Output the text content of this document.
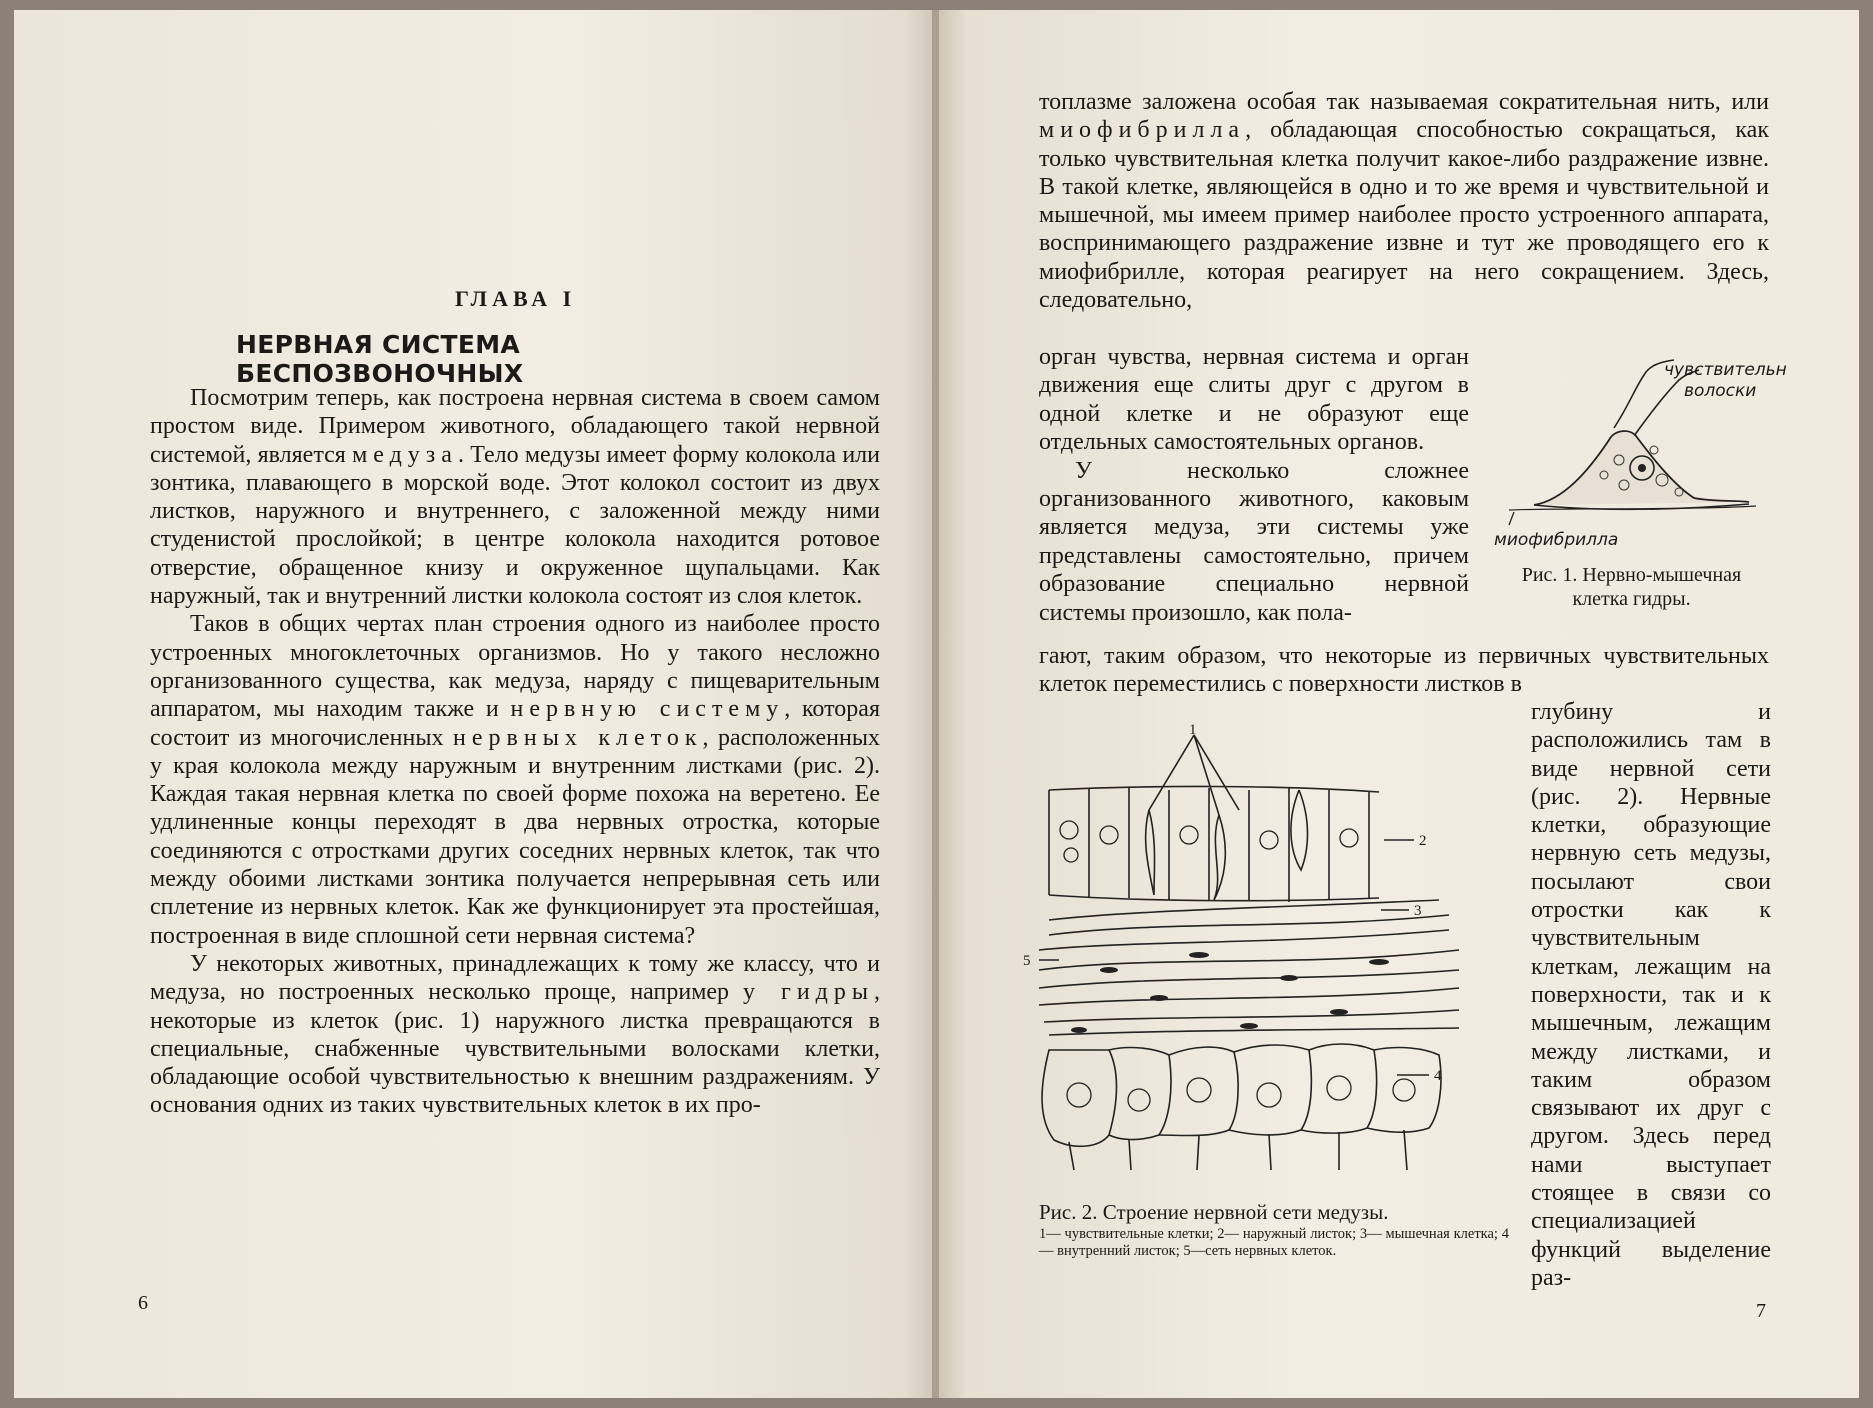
ГЛАВА I
НЕРВНАЯ СИСТЕМА БЕСПОЗВОНОЧНЫХ

Посмотрим теперь, как построена нервная система в своем самом простом виде. Примером животного, обладающего такой нервной системой, является медуза. Тело медузы имеет форму колокола или зонтика, плавающего в морской воде. Этот колокол состоит из двух листков, наружного и внутреннего, с заложенной между ними студенистой прослойкой; в центре колокола находится ротовое отверстие, обращенное книзу и окруженное щупальцами. Как наружный, так и внутренний листки колокола состоят из слоя клеток.

Таков в общих чертах план строения одного из наиболее просто устроенных многоклеточных организмов. Но у такого несложно организованного существа, как медуза, наряду с пищеварительным аппаратом, мы находим также и нервную систему, которая состоит из многочисленных нервных клеток, расположенных у края колокола между наружным и внутренним листками (рис. 2). Каждая такая нервная клетка по своей форме похожа на веретено. Ее удлиненные концы переходят в два нервных отростка, которые соединяются с отростками других соседних нервных клеток, так что между обоими листками зонтика получается непрерывная сеть или сплетение из нервных клеток. Как же функционирует эта простейшая, построенная в виде сплошной сети нервная система?

У некоторых животных, принадлежащих к тому же классу, что и медуза, но построенных несколько проще, например у гидры, некоторые из клеток (рис. 1) наружного листка превращаются в специальные, снабженные чувствительными волосками клетки, обладающие особой чувствительностью к внешним раздражениям. У основания одних из таких чувствительных клеток в их про-

6

топлазме заложена особая так называемая сократительная нить, или миофибрилла, обладающая способностью сокращаться, как только чувствительная клетка получит какое-либо раздражение извне. В такой клетке, являющейся в одно и то же время и чувствительной и мышечной, мы имеем пример наиболее просто устроенного аппарата, воспринимающего раздражение извне и тут же проводящего его к миофибрилле, которая реагирует на него сокращением. Здесь, следовательно,

орган чувства, нервная система и орган движения еще слиты друг с другом в одной клетке и не образуют еще отдельных самостоятельных органов.

У несколько сложнее организованного животного, каковым является медуза, эти системы уже представлены самостоятельно, причем образование специально нервной системы произошло, как пола-

чувствительн
волоски
миофибрилла
Рис. 1. Нервно-мышечная клетка гидры.
гают, таким образом, что некоторые из первичных чувствительных клеток переместились с поверхности листков в
глубину и расположились там в виде нервной сети (рис. 2). Нервные клетки, образующие нервную сеть медузы, посылают свои отростки как к чувствительным клеткам, лежащим на поверхности, так и к мышечным, лежащим между листками, и таким образом связывают их друг с другом. Здесь перед нами выступает стоящее в связи со специализацией функций выделение раз-
1
2
3
4
5
Рис. 2. Строение нервной сети медузы.
1— чувствительные клетки; 2— наружный листок; 3— мышечная клетка; 4— внутренний листок; 5—сеть нервных клеток.
7
